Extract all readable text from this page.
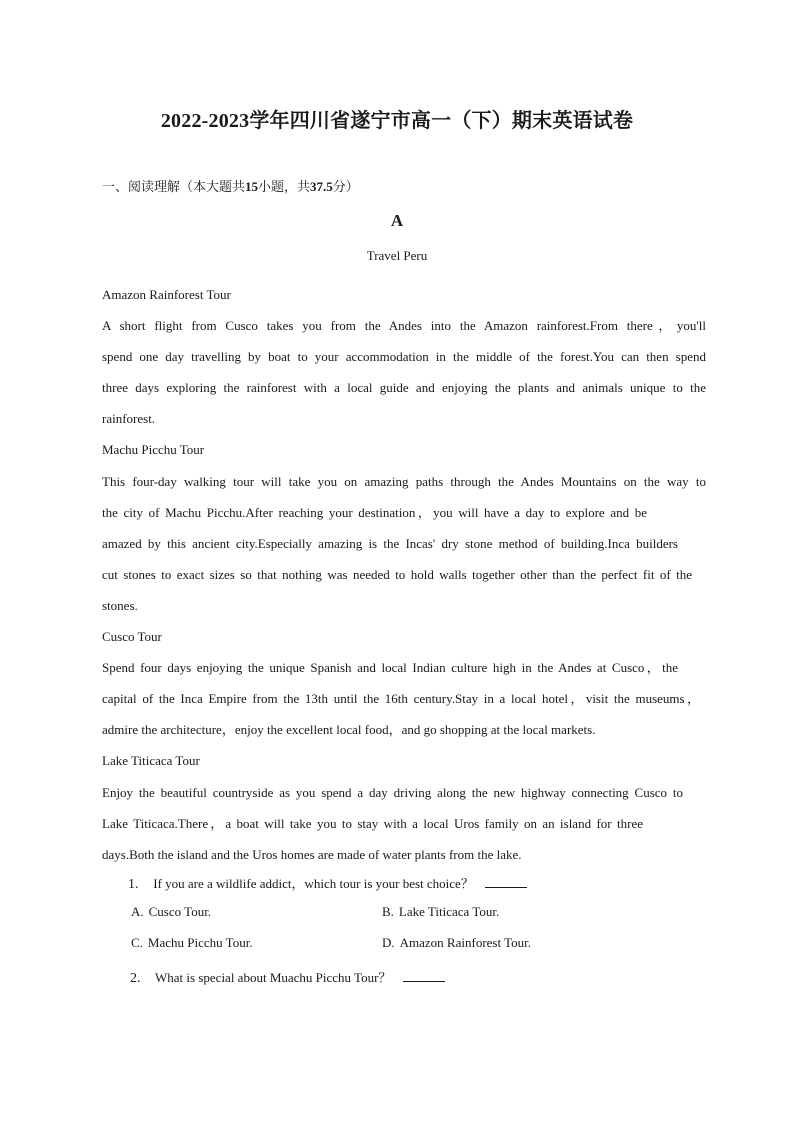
2022-2023学年四川省遂宁市高一（下）期末英语试卷
一、阅读理解（本大题共15小题，共37.5分）
A
Travel Peru
Amazon Rainforest Tour
A short flight from Cusco takes you from the Andes into the Amazon rainforest.From there，you'll
spend one day travelling by boat to your accommodation in the middle of the forest.You can then spend
three days exploring the rainforest with a local guide and enjoying the plants and animals unique to the
rainforest.
Machu Picchu Tour
This four-day walking tour will take you on amazing paths through the Andes Mountains on the way to
the city of Machu Picchu.After reaching your destination，you will have a day to explore and be
amazed by this ancient city.Especially amazing is the Incas' dry stone method of building.Inca builders
cut stones to exact sizes so that nothing was needed to hold walls together other than the perfect fit of the
stones.
Cusco Tour
Spend four days enjoying the unique Spanish and local Indian culture high in the Andes at Cusco，the
capital of the Inca Empire from the 13th until the 16th century.Stay in a local hotel，visit the museums，
admire the architecture，enjoy the excellent local food，and go shopping at the local markets.
Lake Titicaca Tour
Enjoy the beautiful countryside as you spend a day driving along the new highway connecting Cusco to
Lake Titicaca.There，a boat will take you to stay with a local Uros family on an island for three
days.Both the island and the Uros homes are made of water plants from the lake.
1. If you are a wildlife addict，which tour is your best choice？
A. Cusco Tour.	B. Lake Titicaca Tour.
C. Machu Picchu Tour.	D. Amazon Rainforest Tour.
2. What is special about Muachu Picchu Tour？
